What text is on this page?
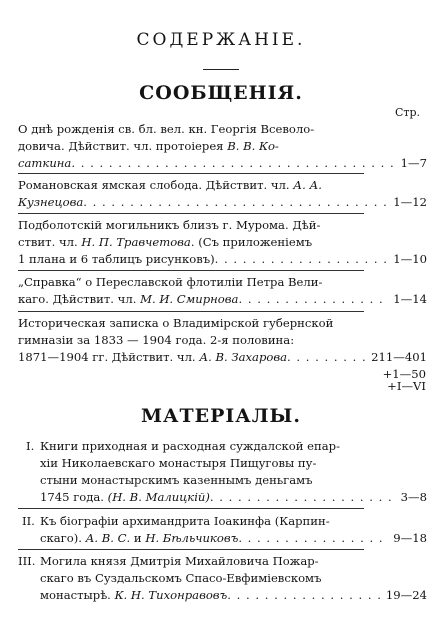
СОДЕРЖАНІЕ.
СООБЩЕНІЯ.
Стр.
О днѣ рожденія св. бл. вел. кн. Георгія Всеволо-
довича. Дѣйствит. чл. протоіерея В. В. Ко-
сaткина . . .	1—7
Романовская ямская слобода. Дѣйствит. чл. А. А.
Кузнецова . . .	1—12
Подболотскій могильникъ близъ г. Мурома. Дѣй-
ствит. чл. Н. П. Травчетова. (Съ приложеніемъ
1 плана и 6 таблицъ рисунковъ) . . .	1—10
„Справка“ о Переславской флотиліи Петра Вели-
каго. Дѣйствит. чл. М. И. Смирнова . . .	1—14
Историческая записка о Владимірской губернской
гимназіи за 1833 — 1904 года. 2-я половина:
1871—1904 гг. Дѣйствит. чл. А. В. Захарова . . .	211—401
+1—50
+I—VI
МАТЕРІАЛЫ.
I. Книги приходная и расходная суждалской епар-
хіи Николаевскаго монастыря Пищуговы пу-
стыни монастырскимъ казеннымъ деньгамъ
1745 года. (Н. В. Малицкій) . . .	3—8
II. Къ біографіи архимандрита Іоакинфа (Карпин-
скаго). А. В. С. и Н. Бѣльчиковъ . . .	9—18
III. Могила князя Дмитрія Михайловича Пожар-
скаго въ Суздальскомъ Спасо-Евфиміевскомъ
монастырѣ. К. Н. Тихонравовъ . . .	19—24
